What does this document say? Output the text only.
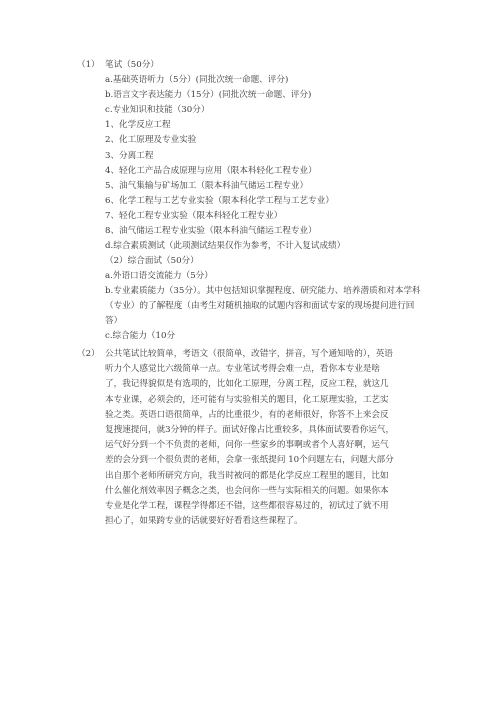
（1） 笔试（50分）
a.基础英语听力（5分）(同批次统一命题、评分)
b.语言文字表达能力（15分）(同批次统一命题、评分)
c.专业知识和技能（30分）
1、化学反应工程
2、化工原理及专业实验
3、分离工程
4、轻化工产品合成原理与应用（限本科轻化工程专业）
5、油气集输与矿场加工（限本科油气储运工程专业）
6、化学工程与工艺专业实验（限本科化学工程与工艺专业）
7、轻化工程专业实验（限本科轻化工程专业）
8、油气储运工程专业实验（限本科油气储运工程专业）
d.综合素质测试（此项测试结果仅作为参考，不计入复试成绩）
（2）综合面试（50分）
a.外语口语交流能力（5分）
b.专业素质能力（35分）。其中包括知识掌握程度、研究能力、培养潜质和对本学科
（专业）的了解程度（由考生对随机抽取的试题内容和面试专家的现场提问进行回
答）
c.综合能力（10分
（2） 公共笔试比较简单，考语文（很简单，改错字，拼音，写个通知啥的），英语听力个人感觉比六级简单一点。专业笔试考得会难一点，看你本专业是啥了，我记得貌似是有选项的，比如化工原理，分离工程，反应工程，就这几本专业课，必须会的，还可能有与实验相关的题目，化工原理实验，工艺实验之类。英语口语很简单，占的比重很少，有的老师很好，你答不上来会反复搜速提问，就3分钟的样子。面试好像占比重较多，具体面试要看你运气，运气好分到一个不负责的老师，问你一些家乡的事啊或者个人喜好啊，运气差的会分到一个很负责的老师，会拿一张纸提问 10个问题左右，问题大部分出自那个老师所研究方向，我当时被问的都是化学反应工程里的题目，比如什么催化剂效率因子概念之类，也会问你一些与实际相关的问题。如果你本专业是化学工程，课程学得都还不错，这些都很容易过的，初试过了就不用担心了，如果跨专业的话就要好好看看这些课程了。
